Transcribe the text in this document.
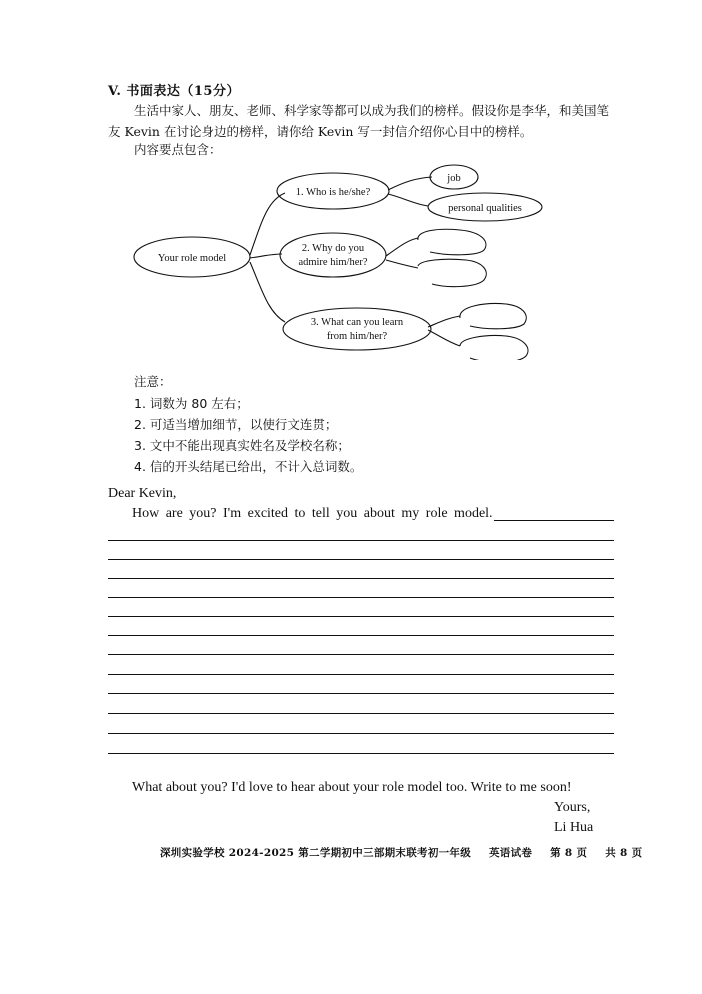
V. 书面表达（15分）
生活中家人、朋友、老师、科学家等都可以成为我们的榜样。假设你是李华，和美国笔友 Kevin 在讨论身边的榜样，请你给 Kevin 写一封信介绍你心目中的榜样。
内容要点包含：
Your role model
1. Who is he/she?
2. Why do you
admire him/her?
3. What can you learn
from him/her?
job
personal qualities
注意：
1. 词数为 80 左右；
2. 可适当增加细节，以使行文连贯；
3. 文中不能出现真实姓名及学校名称；
4. 信的开头结尾已给出，不计入总词数。
Dear Kevin,
How are you? I'm excited to tell you about my role model.
What about you? I'd love to hear about your role model too. Write to me soon!
Yours,
Li Hua
深圳实验学校 2024-2025 第二学期初中三部期末联考初一年级 英语试卷 第 8 页 共 8 页
